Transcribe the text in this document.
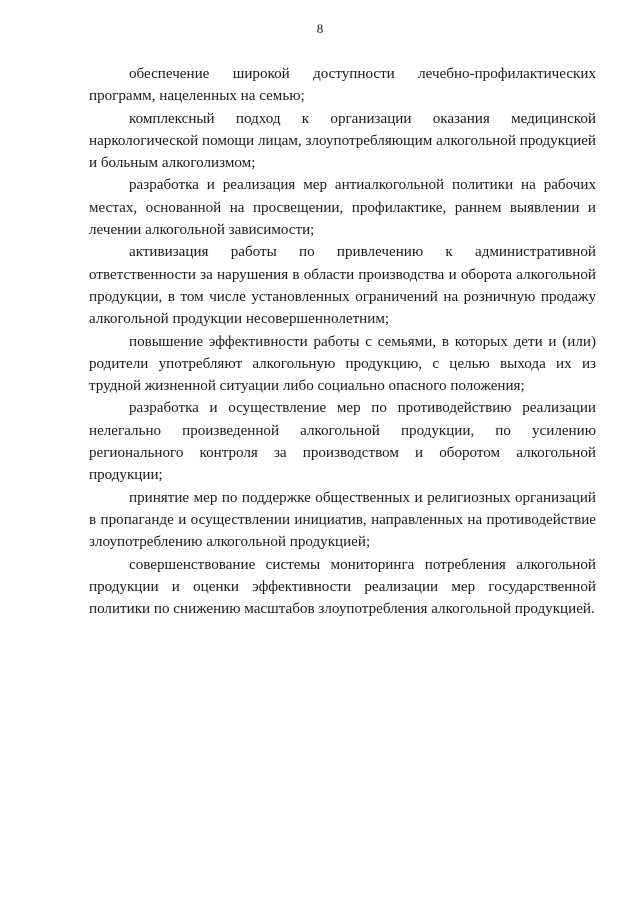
8

обеспечение широкой доступности лечебно-профилактических программ, нацеленных на семью;

комплексный подход к организации оказания медицинской наркологической помощи лицам, злоупотребляющим алкогольной продукцией и больным алкоголизмом;

разработка и реализация мер антиалкогольной политики на рабочих местах, основанной на просвещении, профилактике, раннем выявлении и лечении алкогольной зависимости;

активизация работы по привлечению к административной ответственности за нарушения в области производства и оборота алкогольной продукции, в том числе установленных ограничений на розничную продажу алкогольной продукции несовершеннолетним;

повышение эффективности работы с семьями, в которых дети и (или) родители употребляют алкогольную продукцию, с целью выхода их из трудной жизненной ситуации либо социально опасного положения;

разработка и осуществление мер по противодействию реализации нелегально произведенной алкогольной продукции, по усилению регионального контроля за производством и оборотом алкогольной продукции;

принятие мер по поддержке общественных и религиозных организаций в пропаганде и осуществлении инициатив, направленных на противодействие злоупотреблению алкогольной продукцией;

совершенствование системы мониторинга потребления алкогольной продукции и оценки эффективности реализации мер государственной политики по снижению масштабов злоупотребления алкогольной продукцией.
